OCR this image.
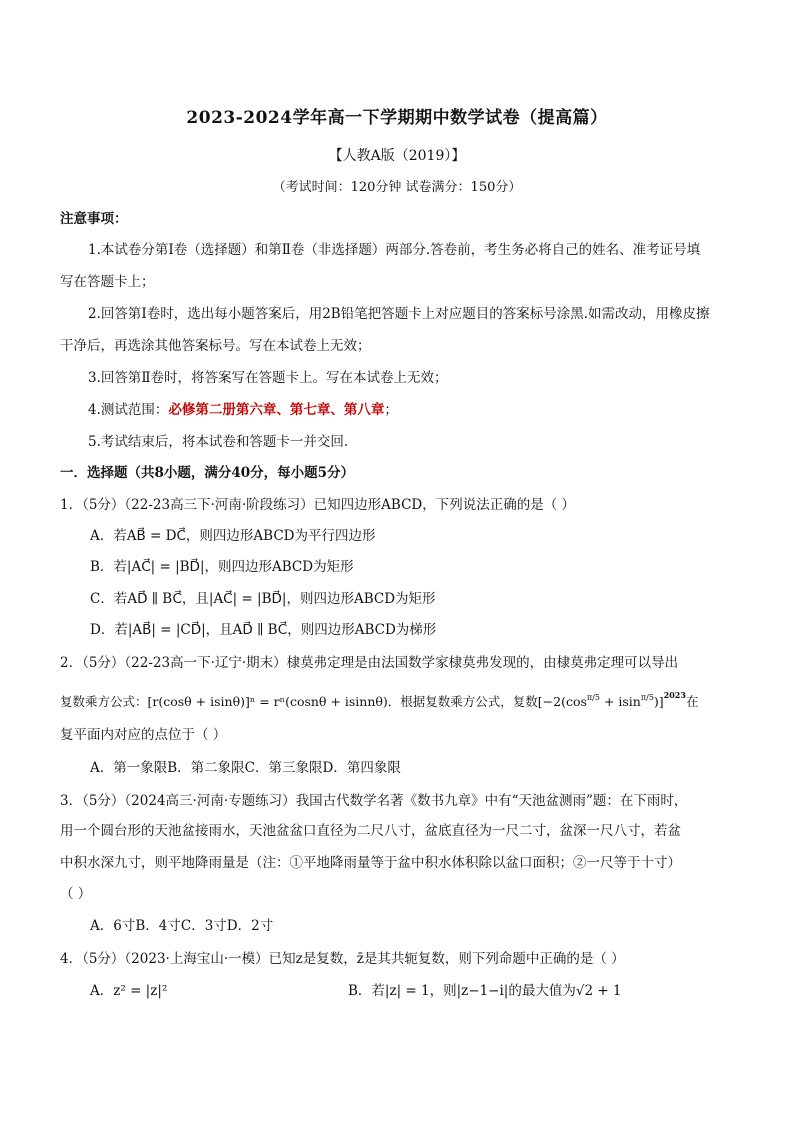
2023-2024学年高一下学期期中数学试卷（提高篇）
【人教A版（2019）】
（考试时间：120分钟 试卷满分：150分）
注意事项：
1.本试卷分第Ⅰ卷（选择题）和第Ⅱ卷（非选择题）两部分.答卷前，考生务必将自己的姓名、准考证号填
写在答题卡上；
2.回答第Ⅰ卷时，选出每小题答案后，用2B铅笔把答题卡上对应题目的答案标号涂黑.如需改动，用橡皮擦
干净后，再选涂其他答案标号。写在本试卷上无效；
3.回答第Ⅱ卷时，将答案写在答题卡上。写在本试卷上无效；
4.测试范围：必修第二册第六章、第七章、第八章；
5.考试结束后，将本试卷和答题卡一并交回.
一．选择题（共8小题，满分40分，每小题5分）
1．（5分）（22-23高三下·河南·阶段练习）已知四边形ABCD，下列说法正确的是（ ）
A．若AB⃗ = DC⃗，则四边形ABCD为平行四边形
B．若|AC⃗| = |BD⃗|，则四边形ABCD为矩形
C．若AD⃗ ∥ BC⃗，且|AC⃗| = |BD⃗|，则四边形ABCD为矩形
D．若|AB⃗| = |CD⃗|，且AD⃗ ∥ BC⃗，则四边形ABCD为梯形
2．（5分）（22-23高一下·辽宁·期末）棣莫弗定理是由法国数学家棣莫弗发现的，由棣莫弗定理可以导出
复数乘方公式：[r(cosθ + isinθ)]ⁿ = rⁿ(cosnθ + isinnθ)．根据复数乘方公式，复数$[-2(\cos^{\pi/5} + isin^{\pi/5})]^{2023}$在
复平面内对应的点位于（ ）
A．第一象限B．第二象限C．第三象限D．第四象限
3．（5分）（2024高三·河南·专题练习）我国古代数学名著《数书九章》中有“天池盆测雨”题：在下雨时，
用一个圆台形的天池盆接雨水，天池盆盆口直径为二尺八寸，盆底直径为一尺二寸，盆深一尺八寸，若盆
中积水深九寸，则平地降雨量是（注：①平地降雨量等于盆中积水体积除以盆口面积；②一尺等于十寸）
（ ）
A．6寸B．4寸C．3寸D．2寸
4．（5分）（2023·上海宝山·一模）已知z是复数，z̄是其共轭复数，则下列命题中正确的是（ ）
A．z² = |z|²	B．若|z| = 1，则|z−1−i|的最大值为√2 + 1
